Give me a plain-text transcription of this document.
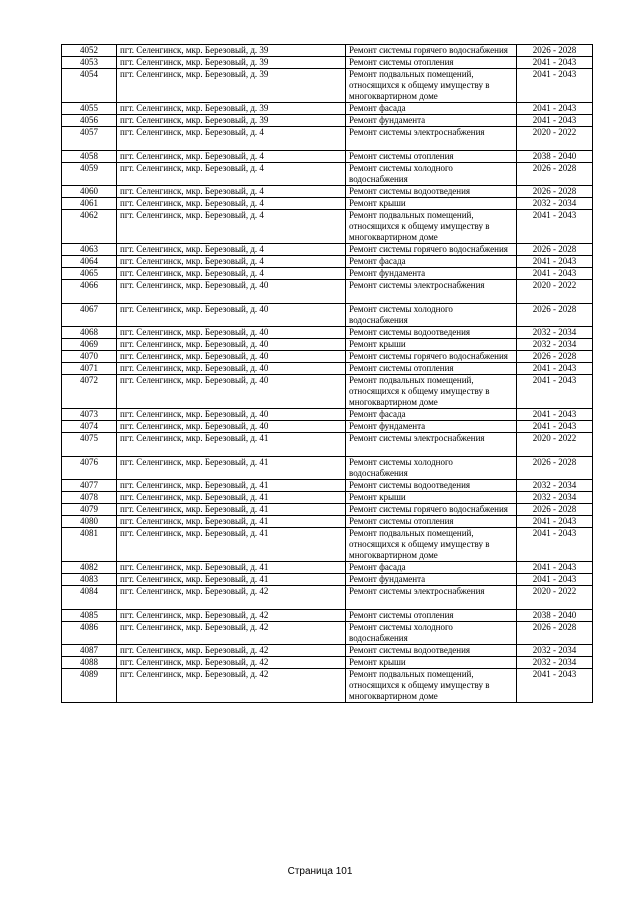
4052	пгт. Селенгинск, мкр. Березовый, д. 39	Ремонт системы горячего водоснабжения	2026 - 2028
4053	пгт. Селенгинск, мкр. Березовый, д. 39	Ремонт системы отопления	2041 - 2043
4054	пгт. Селенгинск, мкр. Березовый, д. 39	Ремонт подвальных помещений, относящихся к общему имуществу в многоквартирном доме	2041 - 2043
4055	пгт. Селенгинск, мкр. Березовый, д. 39	Ремонт фасада	2041 - 2043
4056	пгт. Селенгинск, мкр. Березовый, д. 39	Ремонт фундамента	2041 - 2043
4057	пгт. Селенгинск, мкр. Березовый, д. 4	Ремонт системы электроснабжения	2020 - 2022
4058	пгт. Селенгинск, мкр. Березовый, д. 4	Ремонт системы отопления	2038 - 2040
4059	пгт. Селенгинск, мкр. Березовый, д. 4	Ремонт системы холодного водоснабжения	2026 - 2028
4060	пгт. Селенгинск, мкр. Березовый, д. 4	Ремонт системы водоотведения	2026 - 2028
4061	пгт. Селенгинск, мкр. Березовый, д. 4	Ремонт крыши	2032 - 2034
4062	пгт. Селенгинск, мкр. Березовый, д. 4	Ремонт подвальных помещений, относящихся к общему имуществу в многоквартирном доме	2041 - 2043
4063	пгт. Селенгинск, мкр. Березовый, д. 4	Ремонт системы горячего водоснабжения	2026 - 2028
4064	пгт. Селенгинск, мкр. Березовый, д. 4	Ремонт фасада	2041 - 2043
4065	пгт. Селенгинск, мкр. Березовый, д. 4	Ремонт фундамента	2041 - 2043
4066	пгт. Селенгинск, мкр. Березовый, д. 40	Ремонт системы электроснабжения	2020 - 2022
4067	пгт. Селенгинск, мкр. Березовый, д. 40	Ремонт системы холодного водоснабжения	2026 - 2028
4068	пгт. Селенгинск, мкр. Березовый, д. 40	Ремонт системы водоотведения	2032 - 2034
4069	пгт. Селенгинск, мкр. Березовый, д. 40	Ремонт крыши	2032 - 2034
4070	пгт. Селенгинск, мкр. Березовый, д. 40	Ремонт системы горячего водоснабжения	2026 - 2028
4071	пгт. Селенгинск, мкр. Березовый, д. 40	Ремонт системы отопления	2041 - 2043
4072	пгт. Селенгинск, мкр. Березовый, д. 40	Ремонт подвальных помещений, относящихся к общему имуществу в многоквартирном доме	2041 - 2043
4073	пгт. Селенгинск, мкр. Березовый, д. 40	Ремонт фасада	2041 - 2043
4074	пгт. Селенгинск, мкр. Березовый, д. 40	Ремонт фундамента	2041 - 2043
4075	пгт. Селенгинск, мкр. Березовый, д. 41	Ремонт системы электроснабжения	2020 - 2022
4076	пгт. Селенгинск, мкр. Березовый, д. 41	Ремонт системы холодного водоснабжения	2026 - 2028
4077	пгт. Селенгинск, мкр. Березовый, д. 41	Ремонт системы водоотведения	2032 - 2034
4078	пгт. Селенгинск, мкр. Березовый, д. 41	Ремонт крыши	2032 - 2034
4079	пгт. Селенгинск, мкр. Березовый, д. 41	Ремонт системы горячего водоснабжения	2026 - 2028
4080	пгт. Селенгинск, мкр. Березовый, д. 41	Ремонт системы отопления	2041 - 2043
4081	пгт. Селенгинск, мкр. Березовый, д. 41	Ремонт подвальных помещений, относящихся к общему имуществу в многоквартирном доме	2041 - 2043
4082	пгт. Селенгинск, мкр. Березовый, д. 41	Ремонт фасада	2041 - 2043
4083	пгт. Селенгинск, мкр. Березовый, д. 41	Ремонт фундамента	2041 - 2043
4084	пгт. Селенгинск, мкр. Березовый, д. 42	Ремонт системы электроснабжения	2020 - 2022
4085	пгт. Селенгинск, мкр. Березовый, д. 42	Ремонт системы отопления	2038 - 2040
4086	пгт. Селенгинск, мкр. Березовый, д. 42	Ремонт системы холодного водоснабжения	2026 - 2028
4087	пгт. Селенгинск, мкр. Березовый, д. 42	Ремонт системы водоотведения	2032 - 2034
4088	пгт. Селенгинск, мкр. Березовый, д. 42	Ремонт крыши	2032 - 2034
4089	пгт. Селенгинск, мкр. Березовый, д. 42	Ремонт подвальных помещений, относящихся к общему имуществу в многоквартирном доме	2041 - 2043
Страница 101
